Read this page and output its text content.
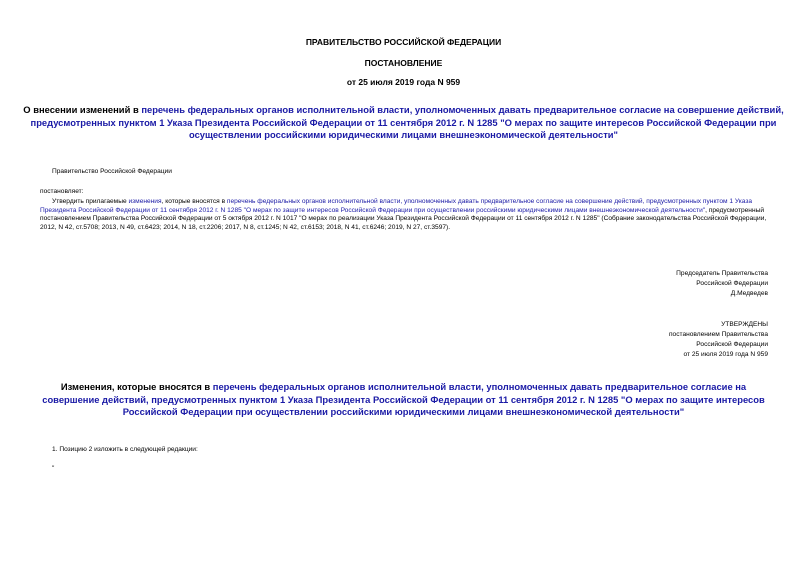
ПРАВИТЕЛЬСТВО РОССИЙСКОЙ ФЕДЕРАЦИИ
ПОСТАНОВЛЕНИЕ
от 25 июля 2019 года N 959
О внесении изменений в перечень федеральных органов исполнительной власти, уполномоченных давать предварительное согласие на совершение действий, предусмотренных пунктом 1 Указа Президента Российской Федерации от 11 сентября 2012 г. N 1285 "О мерах по защите интересов Российской Федерации при осуществлении российскими юридическими лицами внешнеэкономической деятельности"
Правительство Российской Федерации
постановляет:
Утвердить прилагаемые изменения, которые вносятся в перечень федеральных органов исполнительной власти, уполномоченных давать предварительное согласие на совершение действий, предусмотренных пунктом 1 Указа Президента Российской Федерации от 11 сентября 2012 г. N 1285 "О мерах по защите интересов Российской Федерации при осуществлении российскими юридическими лицами внешнеэкономической деятельности", предусмотренный постановлением Правительства Российской Федерации от 5 октября 2012 г. N 1017 "О мерах по реализации Указа Президента Российской Федерации от 11 сентября 2012 г. N 1285" (Собрание законодательства Российской Федерации, 2012, N 42, ст.5708; 2013, N 49, ст.6423; 2014, N 18, ст.2206; 2017, N 8, ст.1245; N 42, ст.6153; 2018, N 41, ст.6246; 2019, N 27, ст.3597).
Председатель Правительства
Российской Федерации
Д.Медведев
УТВЕРЖДЕНЫ
постановлением Правительства
Российской Федерации
от 25 июля 2019 года N 959
Изменения, которые вносятся в перечень федеральных органов исполнительной власти, уполномоченных давать предварительное согласие на совершение действий, предусмотренных пунктом 1 Указа Президента Российской Федерации от 11 сентября 2012 г. N 1285 "О мерах по защите интересов Российской Федерации при осуществлении российскими юридическими лицами внешнеэкономической деятельности"
1. Позицию 2 изложить в следующей редакции:
"
